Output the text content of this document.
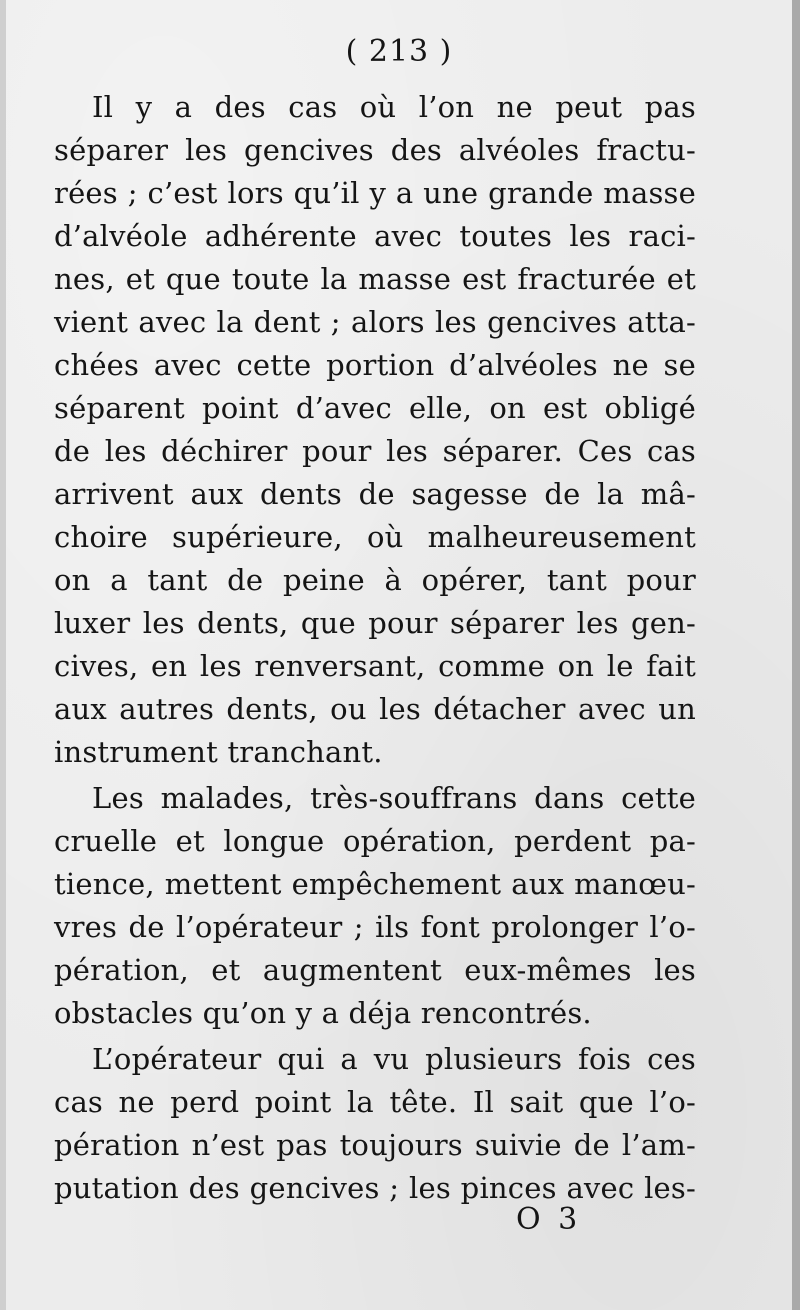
( 213 )
Il y a des cas où l’on ne peut pas
séparer les gencives des alvéoles fractu-
rées ; c’est lors qu’il y a une grande masse
d’alvéole adhérente avec toutes les raci-
nes, et que toute la masse est fracturée et
vient avec la dent ; alors les gencives atta-
chées avec cette portion d’alvéoles ne se
séparent point d’avec elle, on est obligé
de les déchirer pour les séparer. Ces cas
arrivent aux dents de sagesse de la mâ-
choire supérieure, où malheureusement
on a tant de peine à opérer, tant pour
luxer les dents, que pour séparer les gen-
cives, en les renversant, comme on le fait
aux autres dents, ou les détacher avec un
instrument tranchant.
Les malades, très-souffrans dans cette
cruelle et longue opération, perdent pa-
tience, mettent empêchement aux manœu-
vres de l’opérateur ; ils font prolonger l’o-
pération, et augmentent eux-mêmes les
obstacles qu’on y a déja rencontrés.
L’opérateur qui a vu plusieurs fois ces
cas ne perd point la tête. Il sait que l’o-
pération n’est pas toujours suivie de l’am-
putation des gencives ; les pinces avec les-
O 3
